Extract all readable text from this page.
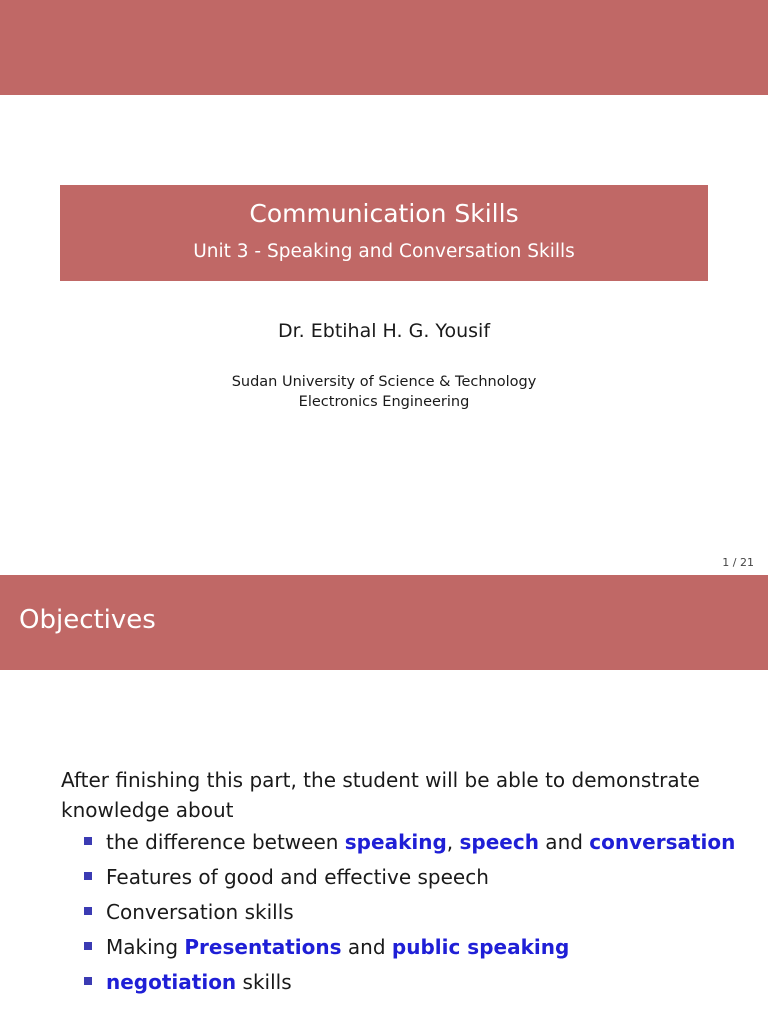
Communication Skills
Unit 3 - Speaking and Conversation Skills
Dr. Ebtihal H. G. Yousif
Sudan University of Science & Technology
Electronics Engineering
1 / 21
Objectives
After finishing this part, the student will be able to demonstrate knowledge about
the difference between speaking, speech and conversation
Features of good and effective speech
Conversation skills
Making Presentations and public speaking
negotiation skills
